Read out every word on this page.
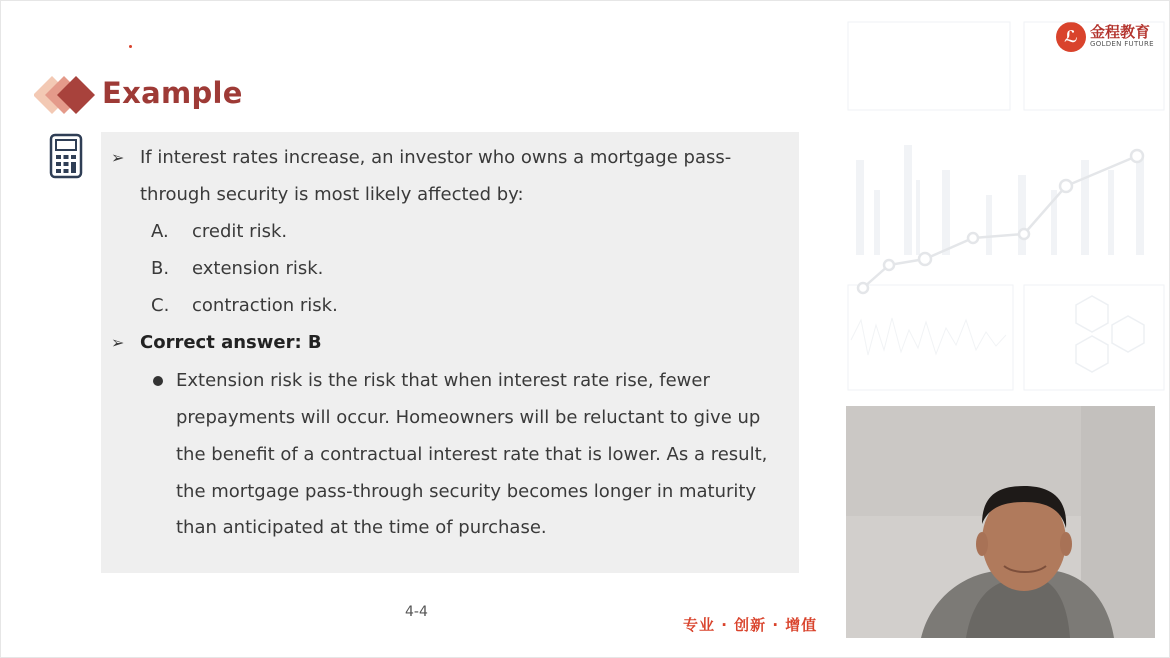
Example
➢ If interest rates increase, an investor who owns a mortgage pass-
through security is most likely affected by:
A. credit risk.
B. extension risk.
C. contraction risk.
➢ Correct answer: B
Extension risk is the risk that when interest rate rise, fewer
prepayments will occur. Homeowners will be reluctant to give up
the benefit of a contractual interest rate that is lower. As a result,
the mortgage pass-through security becomes longer in maturity
than anticipated at the time of purchase.
4-4
专业 · 创新 · 增值
ℒ 金程教育
GOLDEN FUTURE
